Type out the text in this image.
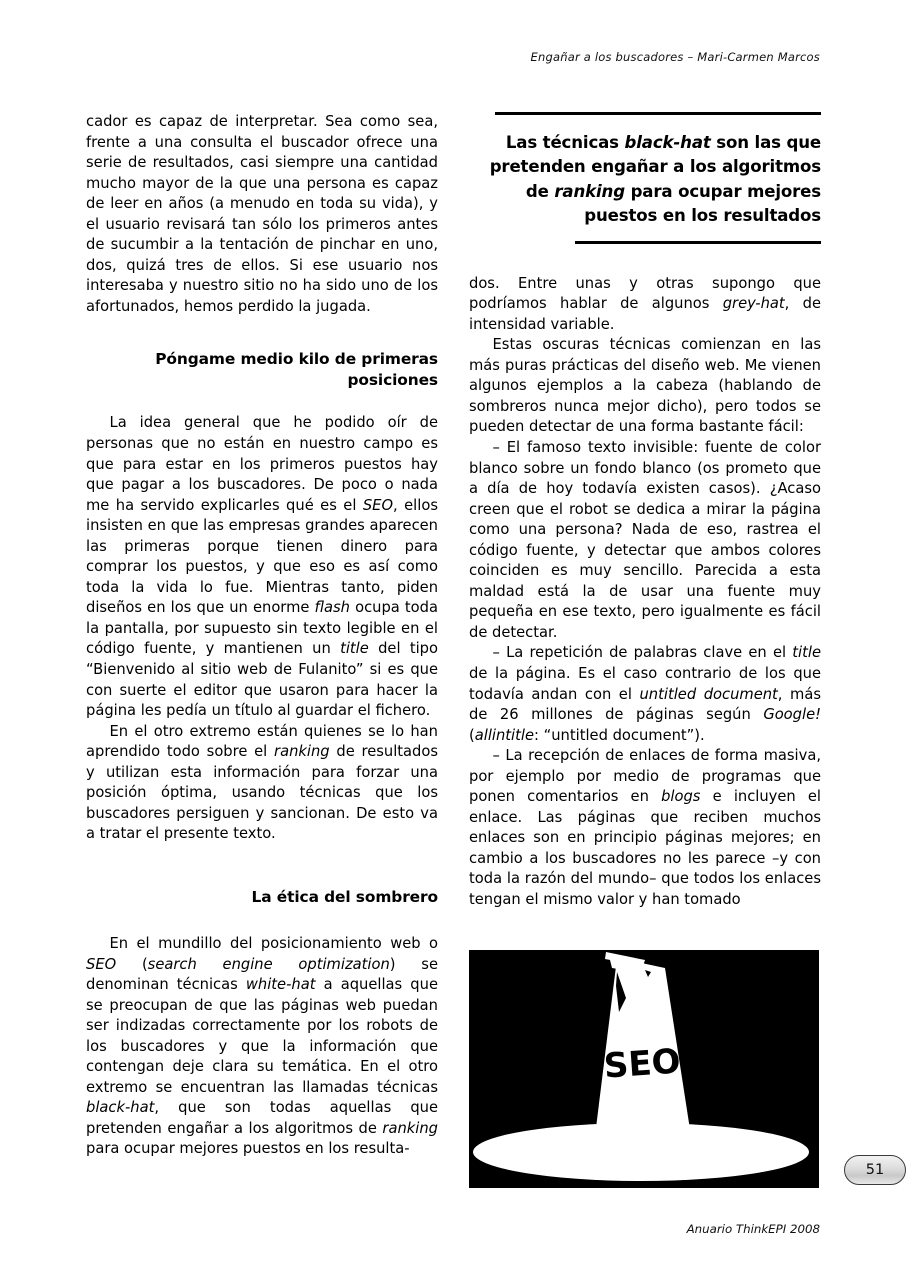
Engañar a los buscadores – Mari-Carmen Marcos

cador es capaz de interpretar. Sea como sea, frente a una consulta el buscador ofrece una serie de resultados, casi siempre una cantidad mucho mayor de la que una persona es capaz de leer en años (a menudo en toda su vida), y el usuario revisará tan sólo los primeros antes de sucumbir a la tentación de pinchar en uno, dos, quizá tres de ellos. Si ese usuario nos interesaba y nuestro sitio no ha sido uno de los afortunados, hemos perdido la jugada.

Póngame medio kilo de primeras posiciones

La idea general que he podido oír de personas que no están en nuestro campo es que para estar en los primeros puestos hay que pagar a los buscadores. De poco o nada me ha servido explicarles qué es el SEO, ellos insisten en que las empresas grandes aparecen las primeras porque tienen dinero para comprar los puestos, y que eso es así como toda la vida lo fue. Mientras tanto, piden diseños en los que un enorme flash ocupa toda la pantalla, por supuesto sin texto legible en el código fuente, y mantienen un title del tipo “Bienvenido al sitio web de Fulanito” si es que con suerte el editor que usaron para hacer la página les pedía un título al guardar el fichero.

En el otro extremo están quienes se lo han aprendido todo sobre el ranking de resultados y utilizan esta información para forzar una posición óptima, usando técnicas que los buscadores persiguen y sancionan. De esto va a tratar el presente texto.

La ética del sombrero

En el mundillo del posicionamiento web o SEO (search engine optimization) se denominan técnicas white-hat a aquellas que se preocupan de que las páginas web puedan ser indizadas correctamente por los robots de los buscadores y que la información que contengan deje clara su temática. En el otro extremo se encuentran las llamadas técnicas black-hat, que son todas aquellas que pretenden engañar a los algoritmos de ranking para ocupar mejores puestos en los resulta-

Las técnicas black-hat son las que pretenden engañar a los algoritmos de ranking para ocupar mejores puestos en los resultados

dos. Entre unas y otras supongo que podríamos hablar de algunos grey-hat, de intensidad variable.

Estas oscuras técnicas comienzan en las más puras prácticas del diseño web. Me vienen algunos ejemplos a la cabeza (hablando de sombreros nunca mejor dicho), pero todos se pueden detectar de una forma bastante fácil:

– El famoso texto invisible: fuente de color blanco sobre un fondo blanco (os prometo que a día de hoy todavía existen casos). ¿Acaso creen que el robot se dedica a mirar la página como una persona? Nada de eso, rastrea el código fuente, y detectar que ambos colores coinciden es muy sencillo. Parecida a esta maldad está la de usar una fuente muy pequeña en ese texto, pero igualmente es fácil de detectar.

– La repetición de palabras clave en el title de la página. Es el caso contrario de los que todavía andan con el untitled document, más de 26 millones de páginas según Google! (allintitle: “untitled document”).

– La recepción de enlaces de forma masiva, por ejemplo por medio de programas que ponen comentarios en blogs e incluyen el enlace. Las páginas que reciben muchos enlaces son en principio páginas mejores; en cambio a los buscadores no les parece –y con toda la razón del mundo– que todos los enlaces tengan el mismo valor y han tomado

SEO
51
Anuario ThinkEPI 2008
